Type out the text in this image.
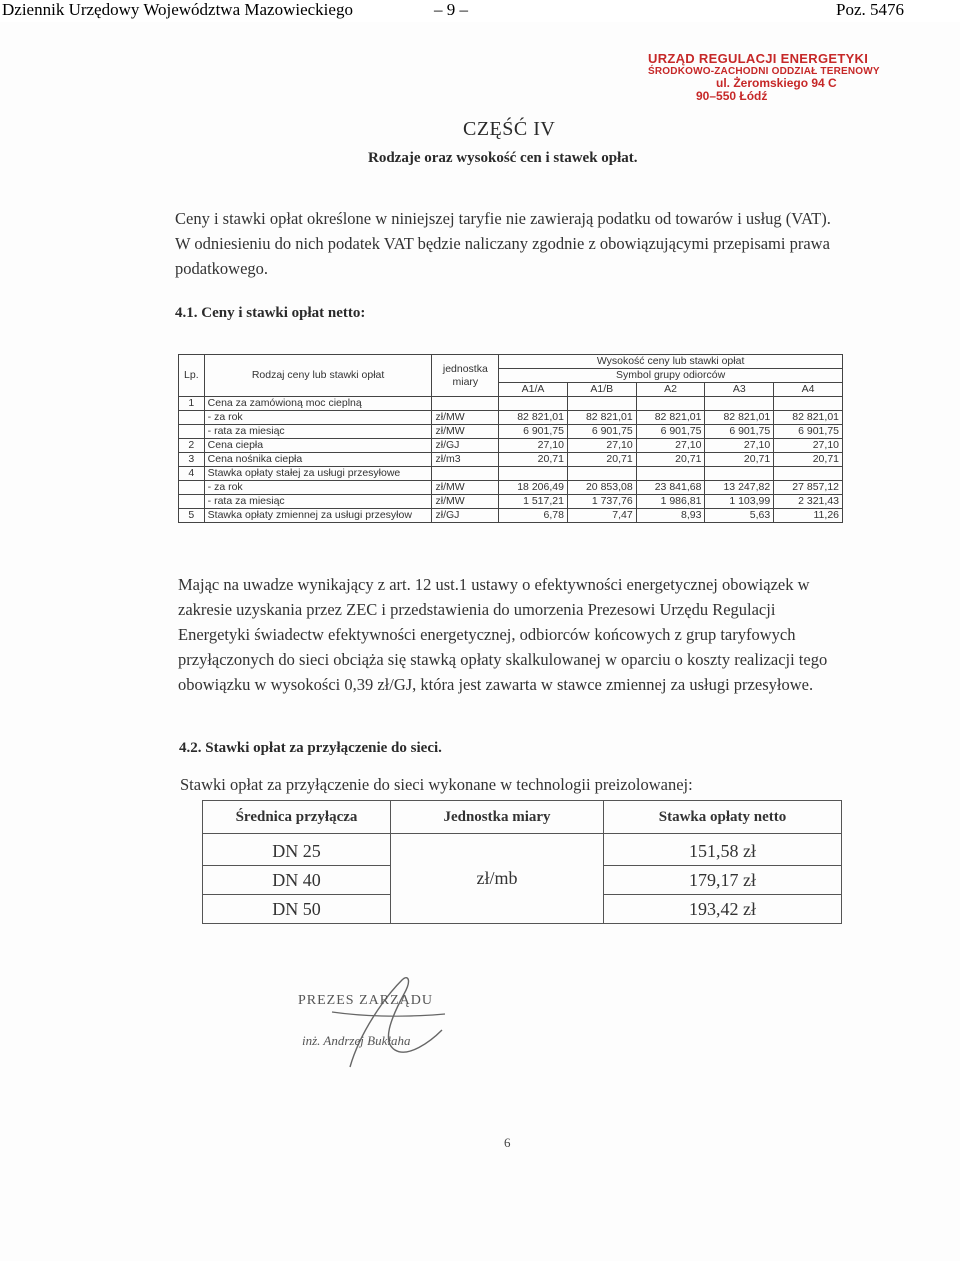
Dziennik Urzędowy Województwa Mazowieckiego	– 9 –	Poz. 5476
URZĄD REGULACJI ENERGETYKI
ŚRODKOWO-ZACHODNI ODDZIAŁ TERENOWY
ul. Żeromskiego 94 C
90–550 Łódź
CZĘŚĆ IV
Rodzaje oraz wysokość cen i stawek opłat.
Ceny i stawki opłat określone w niniejszej taryfie nie zawierają podatku od towarów i usług (VAT). W odniesieniu do nich podatek VAT będzie naliczany zgodnie z obowiązującymi przepisami prawa podatkowego.
4.1. Ceny i stawki opłat netto:
Lp.	Rodzaj ceny lub stawki opłat	jednostka miary	Wysokość ceny lub stawki opłat				
			Symbol grupy odiorców				
			A1/A	A1/B	A2	A3	A4
1	Cena za zamówioną moc cieplną						
	- za rok	zł/MW	82 821,01	82 821,01	82 821,01	82 821,01	82 821,01
	- rata za miesiąc	zł/MW	6 901,75	6 901,75	6 901,75	6 901,75	6 901,75
2	Cena ciepła	zł/GJ	27,10	27,10	27,10	27,10	27,10
3	Cena nośnika ciepła	zł/m3	20,71	20,71	20,71	20,71	20,71
4	Stawka opłaty stałej za usługi przesyłowe						
	- za rok	zł/MW	18 206,49	20 853,08	23 841,68	13 247,82	27 857,12
	- rata za miesiąc	zł/MW	1 517,21	1 737,76	1 986,81	1 103,99	2 321,43
5	Stawka opłaty zmiennej za usługi przesyłow	zł/GJ	6,78	7,47	8,93	5,63	11,26
Mając na uwadze wynikający z art. 12 ust.1 ustawy o efektywności energetycznej obowiązek w zakresie uzyskania przez ZEC i przedstawienia do umorzenia Prezesowi Urzędu Regulacji Energetyki świadectw efektywności energetycznej, odbiorców końcowych z grup taryfowych przyłączonych do sieci obciąża się stawką opłaty skalkulowanej w oparciu o koszty realizacji tego obowiązku w wysokości 0,39 zł/GJ, która jest zawarta w stawce zmiennej za usługi przesyłowe.
4.2. Stawki opłat za przyłączenie do sieci.
Stawki opłat za przyłączenie do sieci wykonane w technologii preizolowanej:
Średnica przyłącza	Jednostka miary	Stawka opłaty netto
DN 25	zł/mb	151,58 zł
DN 40		179,17 zł
DN 50		193,42 zł
PREZES ZARZĄDU
inż. Andrzej Bukłaha
6
